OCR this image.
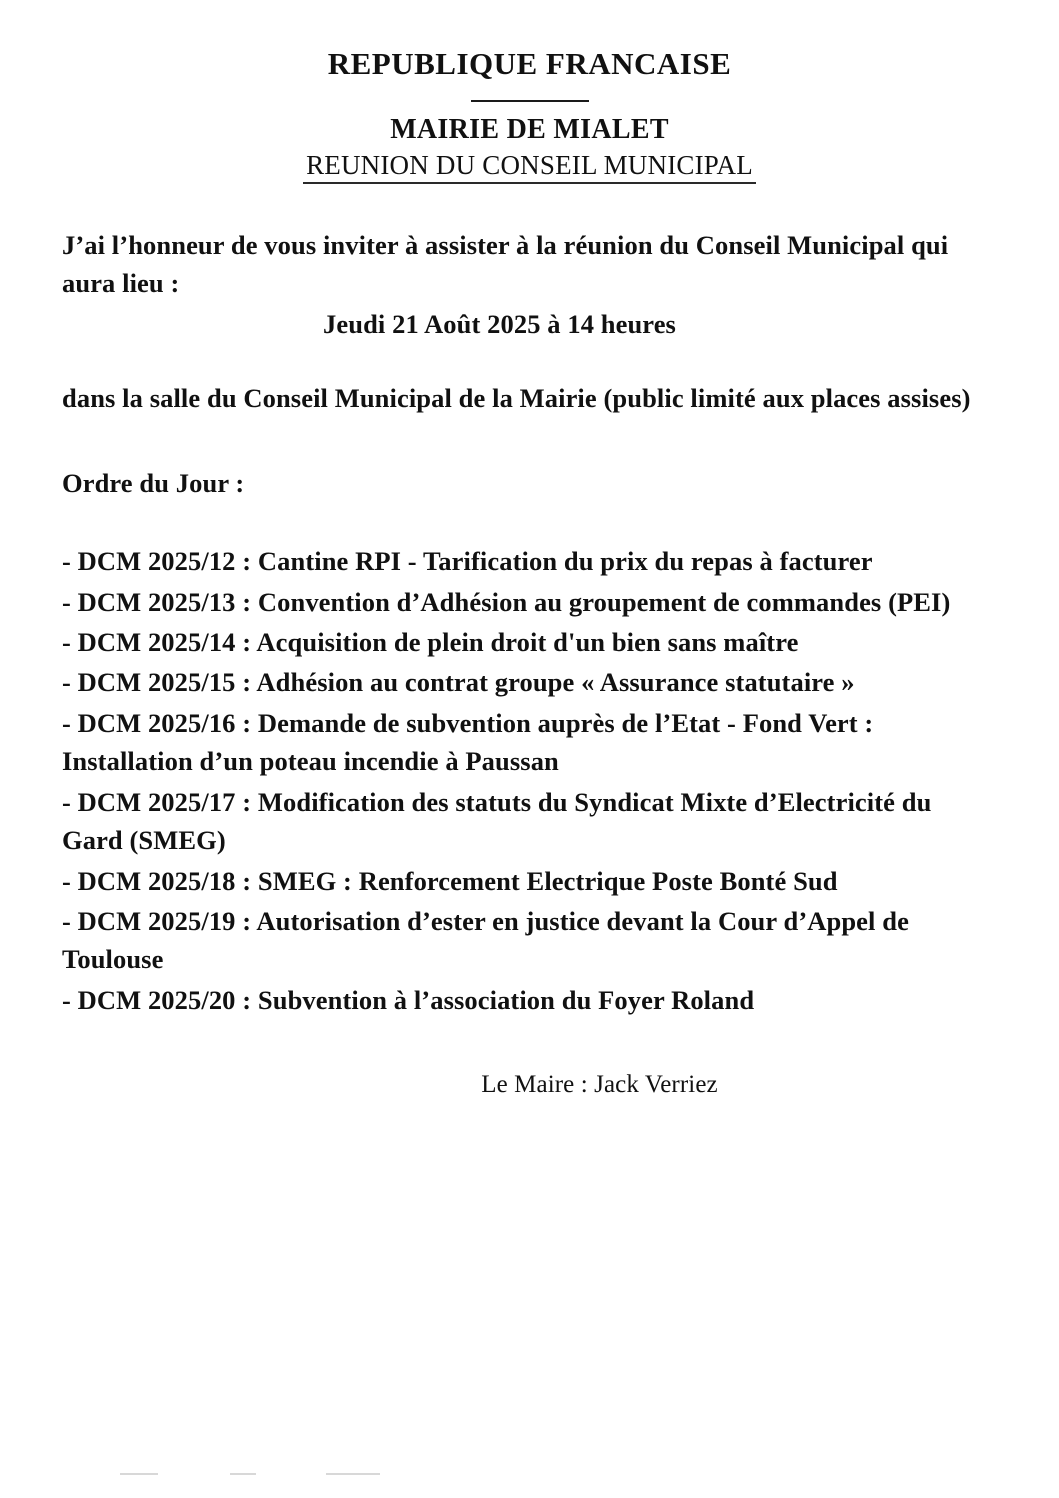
REPUBLIQUE FRANCAISE
MAIRIE DE MIALET
REUNION DU CONSEIL MUNICIPAL

J’ai l’honneur de vous inviter à assister à la réunion du Conseil Municipal qui aura lieu :

Jeudi 21 Août 2025 à 14 heures

dans la salle du Conseil Municipal de la Mairie (public limité aux places assises)

Ordre du Jour :

- DCM 2025/12 : Cantine RPI - Tarification du prix du repas à facturer

- DCM 2025/13 : Convention d’Adhésion au groupement de commandes (PEI)

- DCM 2025/14 : Acquisition de plein droit d'un bien sans maître

- DCM 2025/15 : Adhésion au contrat groupe « Assurance statutaire »

- DCM 2025/16 : Demande de subvention auprès de l’Etat - Fond Vert : Installation d’un poteau incendie à Paussan

- DCM 2025/17 : Modification des statuts du Syndicat Mixte d’Electricité du Gard (SMEG)

- DCM 2025/18 : SMEG : Renforcement Electrique Poste Bonté Sud

- DCM 2025/19 : Autorisation d’ester en justice devant la Cour d’Appel de Toulouse

- DCM 2025/20 : Subvention à l’association du Foyer Roland

Le Maire : Jack Verriez
